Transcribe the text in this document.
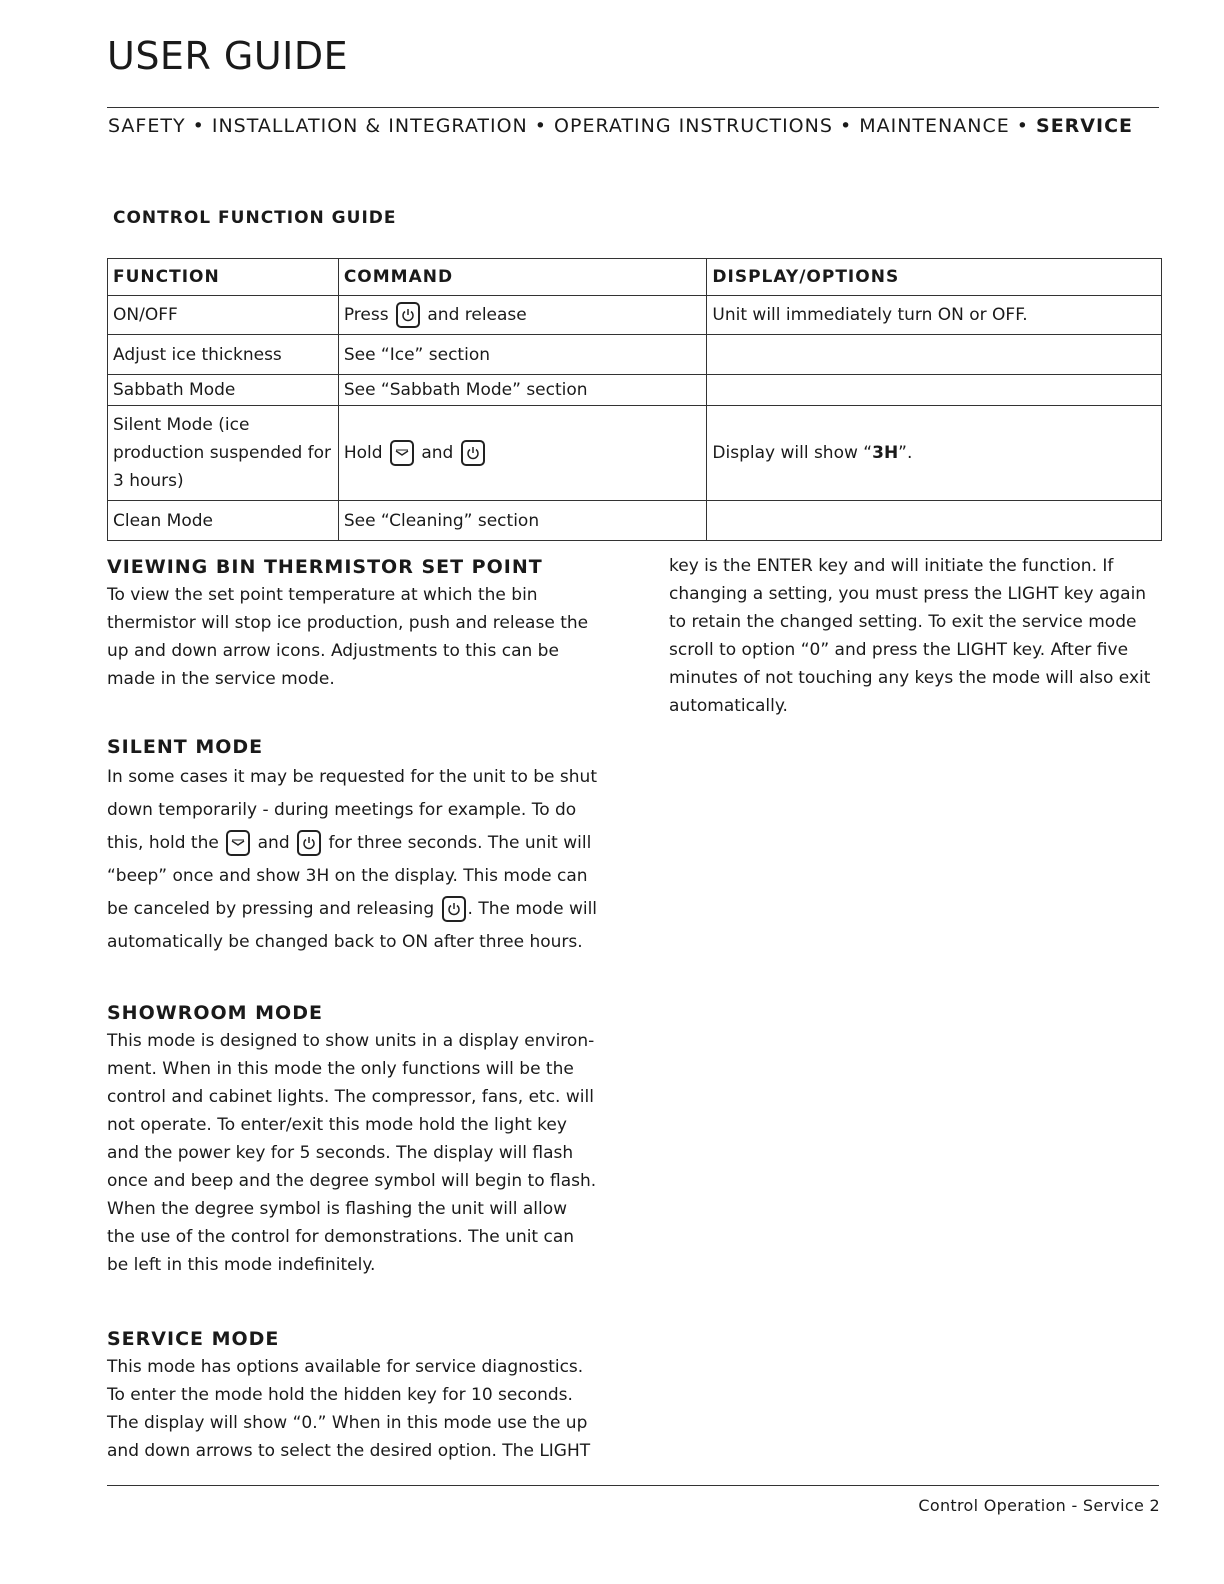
USER GUIDE
SAFETY • INSTALLATION & INTEGRATION • OPERATING INSTRUCTIONS • MAINTENANCE • SERVICE
CONTROL FUNCTION GUIDE
FUNCTION	COMMAND	DISPLAY/OPTIONS
ON/OFF	Press and release	Unit will immediately turn ON or OFF.
Adjust ice thickness	See “Ice” section	
Sabbath Mode	See “Sabbath Mode” section	
Silent Mode (ice production suspended for 3 hours)	Hold and	Display will show “3H”.
Clean Mode	See “Cleaning” section	
VIEWING BIN THERMISTOR SET POINT

To view the set point temperature at which the bin thermistor will stop ice production, push and release the up and down arrow icons. Adjustments to this can be made in the service mode.

SILENT MODE

In some cases it may be requested for the unit to be shut down temporarily - during meetings for example. To do this, hold the and for three seconds. The unit will “beep” once and show 3H on the display. This mode can be canceled by pressing and releasing . The mode will automatically be changed back to ON after three hours.

SHOWROOM MODE

This mode is designed to show units in a display environ-ment. When in this mode the only functions will be the control and cabinet lights. The compressor, fans, etc. will not operate. To enter/exit this mode hold the light key and the power key for 5 seconds. The display will flash once and beep and the degree symbol will begin to flash. When the degree symbol is flashing the unit will allow the use of the control for demonstrations. The unit can be left in this mode indefinitely.

SERVICE MODE

This mode has options available for service diagnostics. To enter the mode hold the hidden key for 10 seconds. The display will show “0.” When in this mode use the up and down arrows to select the desired option. The LIGHT

key is the ENTER key and will initiate the function. If changing a setting, you must press the LIGHT key again to retain the changed setting. To exit the service mode scroll to option “0” and press the LIGHT key. After five minutes of not touching any keys the mode will also exit automatically.

Control Operation - Service 2
